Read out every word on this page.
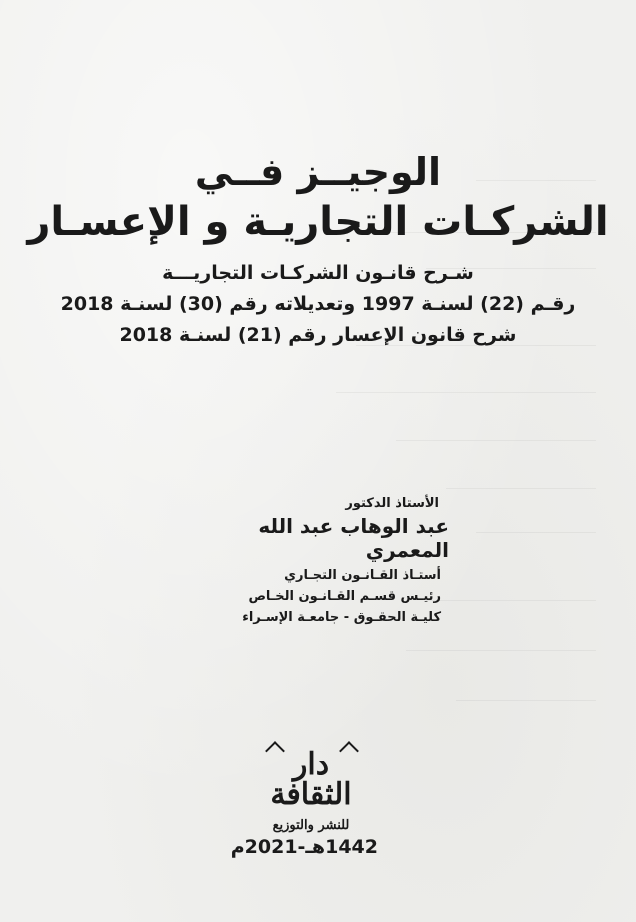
الوجيــز فــي
الشركـات التجاريـة و الإعسـار
شـرح قانـون الشركـات التجاريـــة
رقـم (22) لسنـة 1997 وتعديلاته رقم (30) لسنـة 2018
شرح قانون الإعسار رقم (21) لسنـة 2018
الأستاذ الدكتور
عبد الوهاب عبد الله المعمري
أستـاذ القـانـون التجـاري
رئيـس قسـم القـانـون الخـاص
كليـة الحقـوق - جامعـة الإسـراء
دار الثقافة
للنشر والتوزيع
1442هـ-2021م
